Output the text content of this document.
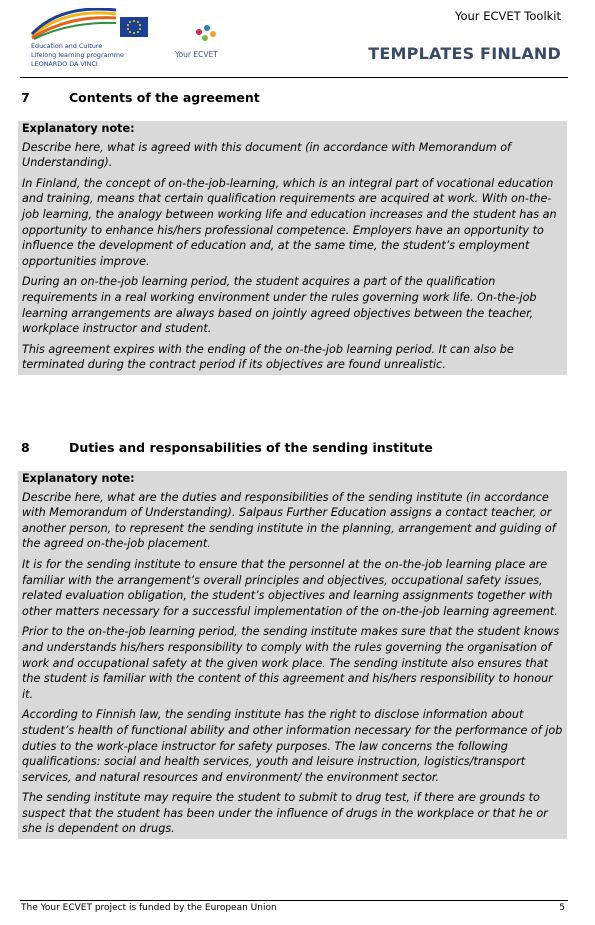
Education and Culture
Lifelong learning programme
LEONARDO DA VINCI
Your ECVET
Your ECVET Toolkit
TEMPLATES FINLAND
7	Contents of the agreement
Explanatory note:

Describe here, what is agreed with this document (in accordance with Memorandum of Understanding).

In Finland, the concept of on-the-job-learning, which is an integral part of vocational education and training, means that certain qualification requirements are acquired at work. With on-the-job learning, the analogy between working life and education increases and the student has an opportunity to enhance his/hers professional competence. Employers have an opportunity to influence the development of education and, at the same time, the student’s employment opportunities improve.

During an on-the-job learning period, the student acquires a part of the qualification requirements in a real working environment under the rules governing work life. On-the-job learning arrangements are always based on jointly agreed objectives between the teacher, workplace instructor and student.

This agreement expires with the ending of the on-the-job learning period. It can also be terminated during the contract period if its objectives are found unrealistic.

8	Duties and responsabilities of the sending institute
Explanatory note:

Describe here, what are the duties and responsibilities of the sending institute (in accordance with Memorandum of Understanding). Salpaus Further Education assigns a contact teacher, or another person, to represent the sending institute in the planning, arrangement and guiding of the agreed on-the-job placement.

It is for the sending institute to ensure that the personnel at the on-the-job learning place are familiar with the arrangement’s overall principles and objectives, occupational safety issues, related evaluation obligation, the student’s objectives and learning assignments together with other matters necessary for a successful implementation of the on-the-job learning agreement.

Prior to the on-the-job learning period, the sending institute makes sure that the student knows and understands his/hers responsibility to comply with the rules governing the organisation of work and occupational safety at the given work place. The sending institute also ensures that the student is familiar with the content of this agreement and his/hers responsibility to honour it.

According to Finnish law, the sending institute has the right to disclose information about student’s health of functional ability and other information necessary for the performance of job duties to the work-place instructor for safety purposes. The law concerns the following qualifications: social and health services, youth and leisure instruction, logistics/transport services, and natural resources and environment/ the environment sector.

The sending institute may require the student to submit to drug test, if there are grounds to suspect that the student has been under the influence of drugs in the workplace or that he or she is dependent on drugs.

The Your ECVET project is funded by the European Union	5
